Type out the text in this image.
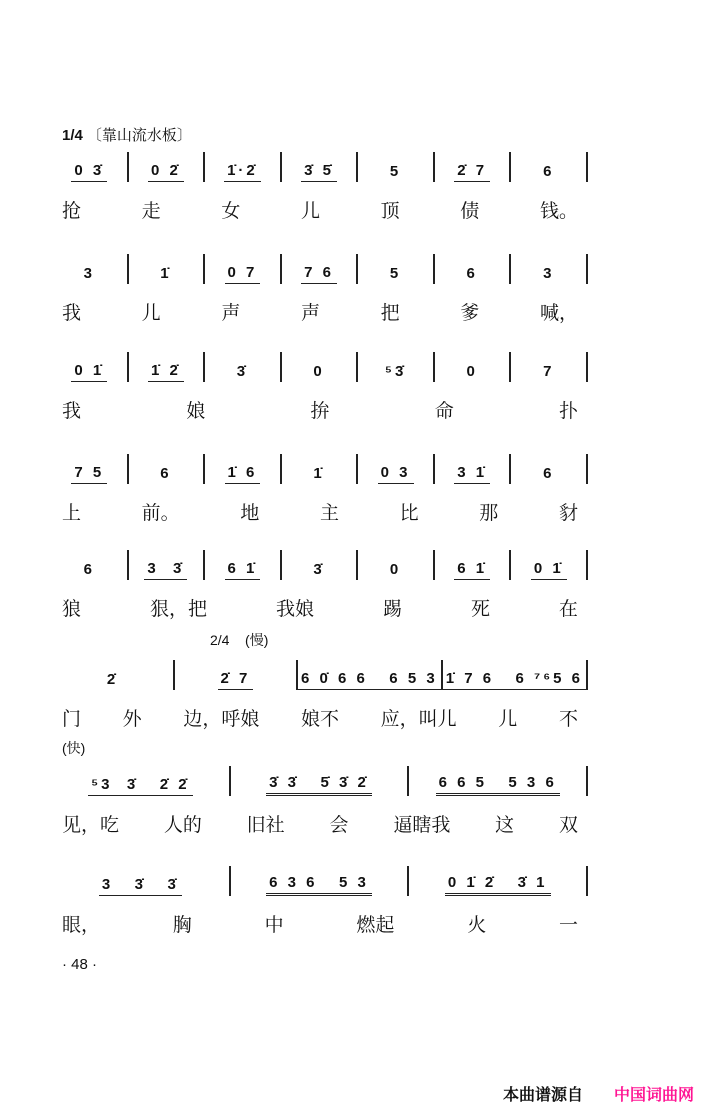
1/4 〔靠山流水板〕
0 3̇	0 2̇	1̇·2̇	3̇ 5̇	5	2̇ 7	6
抢	走	女	儿	顶	债	钱。
3	1̇	0 7	7 6	5	6	3
我	儿	声	声	把	爹	喊，
0 1̇	1̇ 2̇	3̇	0	⁵3̇	0	7
我	娘	拚	命	扑
7 5	6	1̇ 6	1̇	0 3	3 1̇	6
上	前。	地	主	比	那	豺
6	3  3̇	6 1̇	3̇	0	6 1̇	0 1̇
狼	狠，把	我娘	踢	死	在
2̇	2̇ 7	6 0̇ 6 6   6 5 3 1̇ 7 6   6 ⁷⁶5 6
门 外 边，呼娘 娘不 应，叫儿 儿 不
⁵3  3̇   2̇ 2̇	3̇ 3̇   5̇ 3̇ 2̇	6 6 5   5 3 6
见，吃 人的 旧社 会 逼瞎我 这 双
3   3̇   3̇	6 3 6   5 3	0 1̇ 2̇   3̇ 1
眼，	胸	中	燃起	火	一
2/4 (慢)
(快)
· 48 ·
本曲谱源自 中国词曲网
